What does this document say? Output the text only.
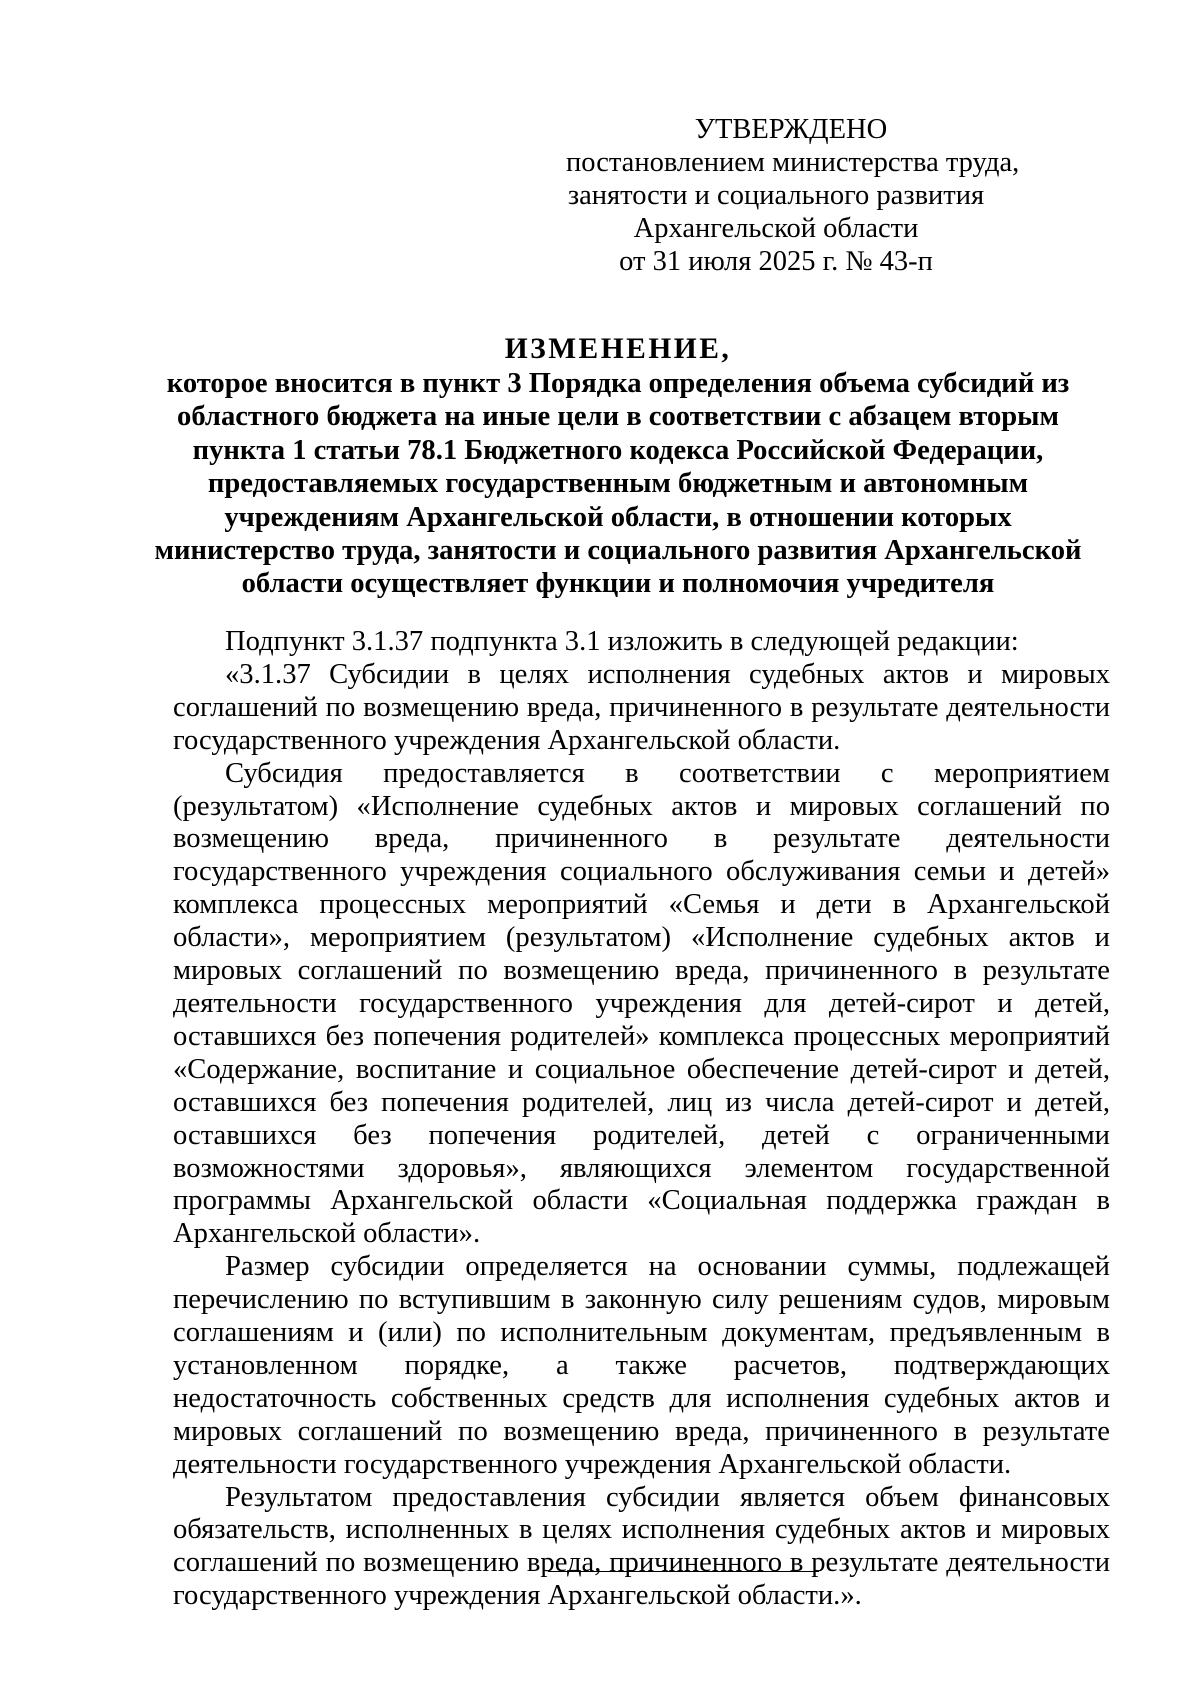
УТВЕРЖДЕНО
постановлением министерства труда,
занятости и социального развития
Архангельской области
от 31 июля 2025 г. № 43-п
ИЗМЕНЕНИЕ,
которое вносится в пункт 3 Порядка определения объема субсидий из
областного бюджета на иные цели в соответствии с абзацем вторым
пункта 1 статьи 78.1 Бюджетного кодекса Российской Федерации,
предоставляемых государственным бюджетным и автономным
учреждениям Архангельской области, в отношении которых
министерство труда, занятости и социального развития Архангельской
области осуществляет функции и полномочия учредителя

Подпункт 3.1.37 подпункта 3.1 изложить в следующей редакции:

«3.1.37 Субсидии в целях исполнения судебных актов и мировых соглашений по возмещению вреда, причиненного в результате деятельности государственного учреждения Архангельской области.

Субсидия предоставляется в соответствии с мероприятием (результатом) «Исполнение судебных актов и мировых соглашений по возмещению вреда, причиненного в результате деятельности государственного учреждения социального обслуживания семьи и детей» комплекса процессных мероприятий «Семья и дети в Архангельской области», мероприятием (результатом) «Исполнение судебных актов и мировых соглашений по возмещению вреда, причиненного в результате деятельности государственного учреждения для детей-сирот и детей, оставшихся без попечения родителей» комплекса процессных мероприятий «Содержание, воспитание и социальное обеспечение детей-сирот и детей, оставшихся без попечения родителей, лиц из числа детей-сирот и детей, оставшихся без попечения родителей, детей с ограниченными возможностями здоровья», являющихся элементом государственной программы Архангельской области «Социальная поддержка граждан в Архангельской области».

Размер субсидии определяется на основании суммы, подлежащей перечислению по вступившим в законную силу решениям судов, мировым соглашениям и (или) по исполнительным документам, предъявленным в установленном порядке, а также расчетов, подтверждающих недостаточность собственных средств для исполнения судебных актов и мировых соглашений по возмещению вреда, причиненного в результате деятельности государственного учреждения Архангельской области.

Результатом предоставления субсидии является объем финансовых обязательств, исполненных в целях исполнения судебных актов и мировых соглашений по возмещению вреда, причиненного в результате деятельности государственного учреждения Архангельской области.».
